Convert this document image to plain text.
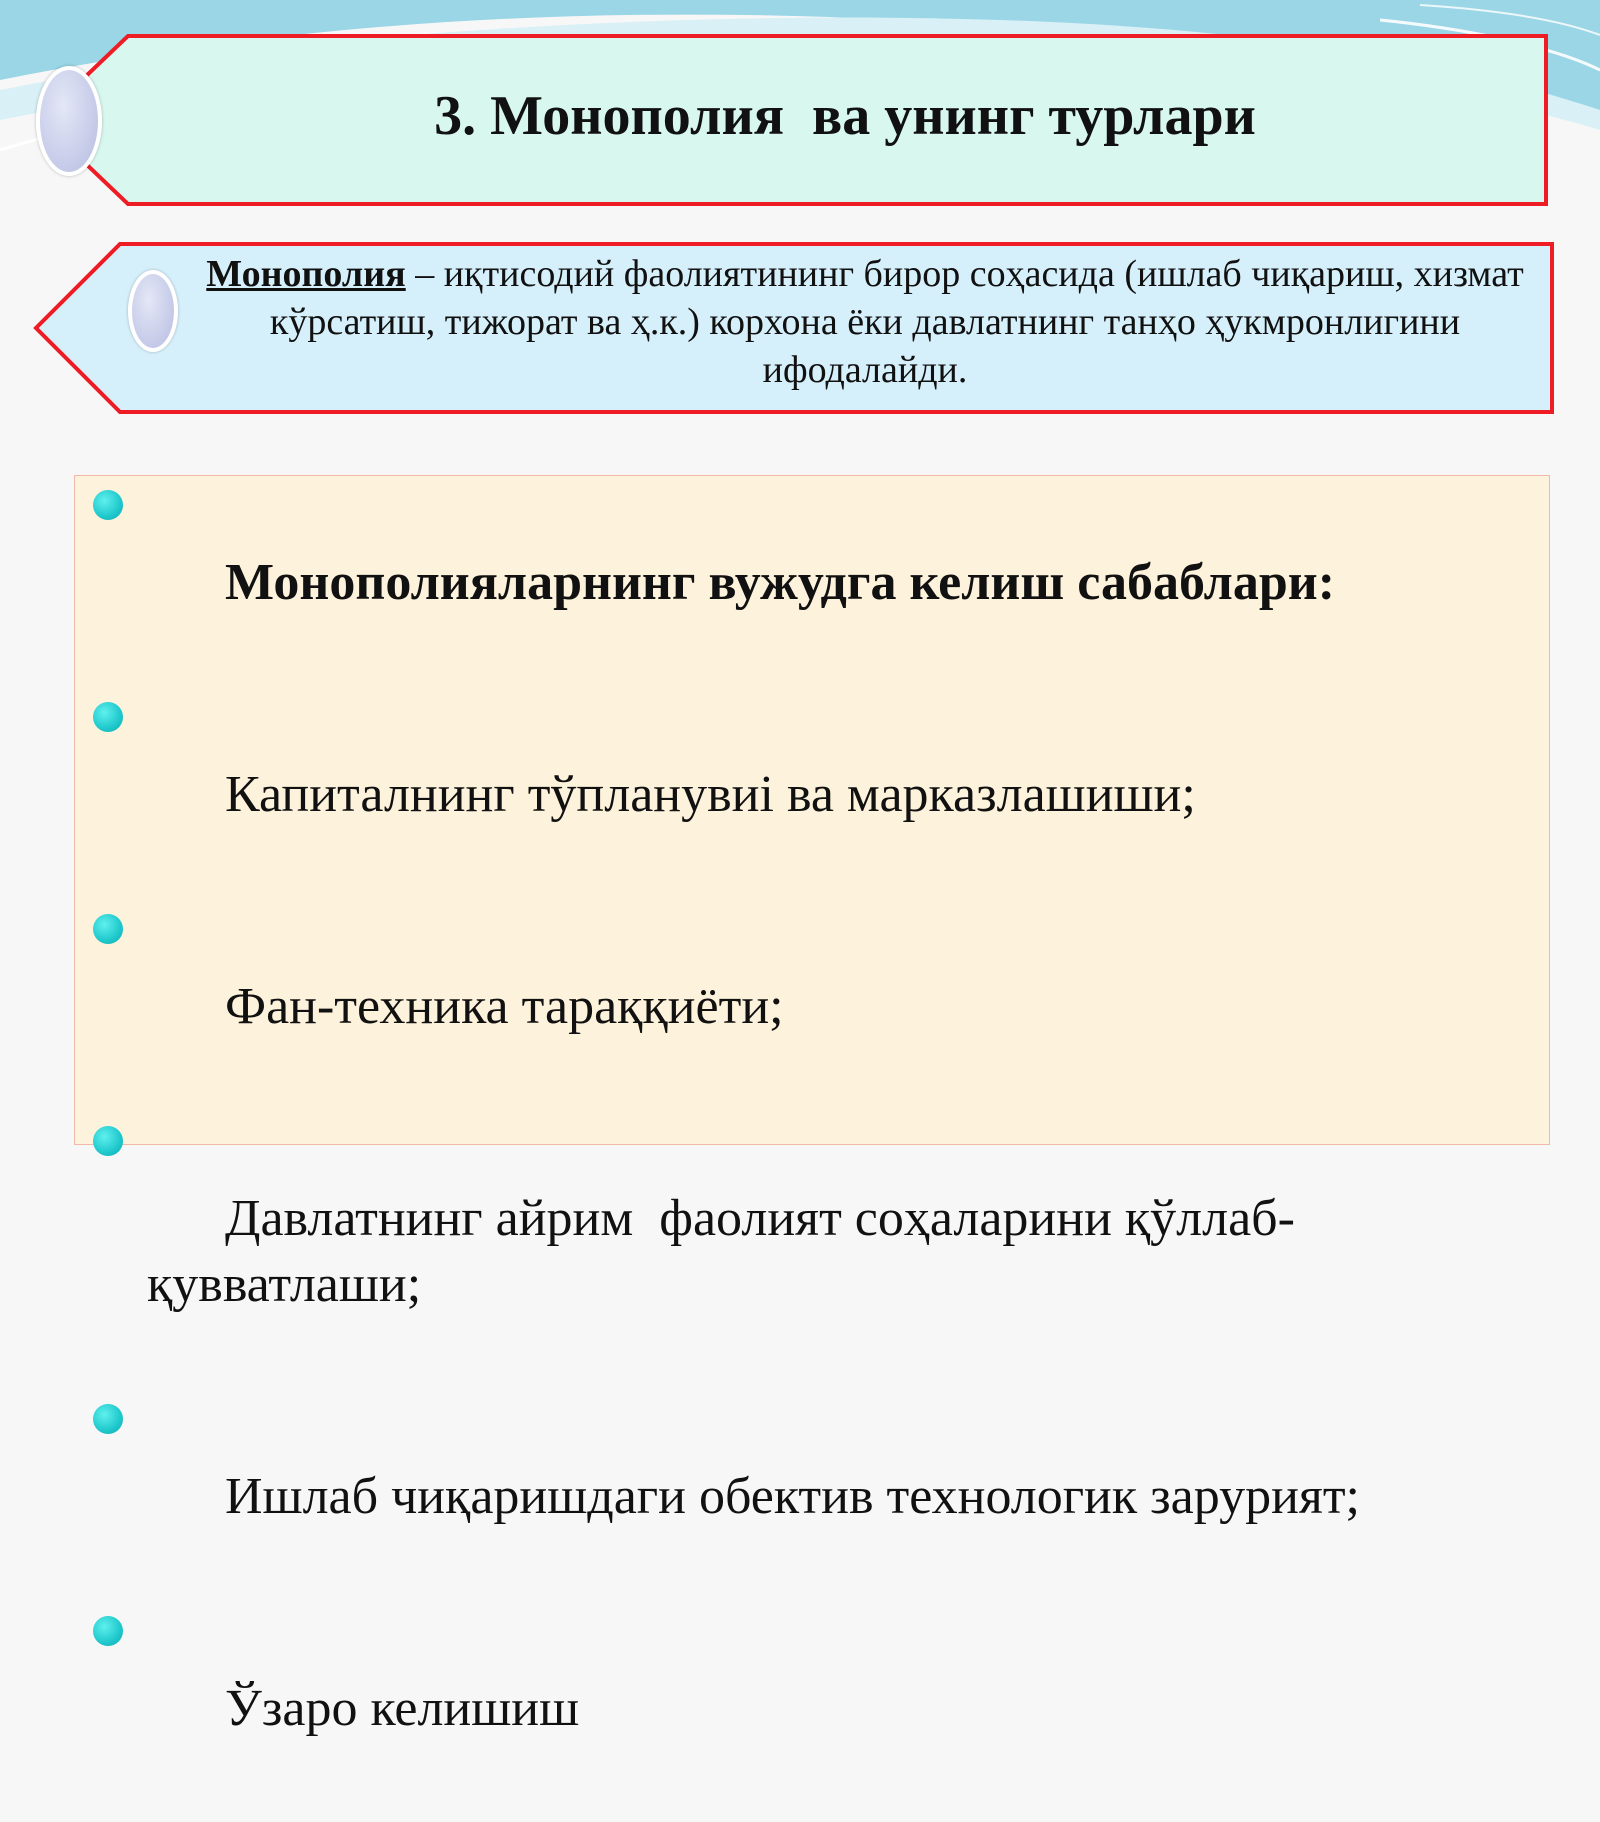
3. Монополия  ва унинг турлари
Монополия – иқтисодий фаолиятининг бирор соҳасида (ишлаб чиқариш, хизмат кўрсатиш, тижорат ва ҳ.к.) корхона ёки давлатнинг танҳо ҳукмронлигини ифодалайди.

Монополияларнинг вужудга келиш сабаблари:

Капиталнинг тўпланувиi ва марказлашиши;

Фан-техника тараққиёти;

Давлатнинг айрим  фаолият соҳаларини қўллаб-қувватлаши;

Ишлаб чиқаришдаги обектив технологик зарурият;

Ўзаро келишиш
